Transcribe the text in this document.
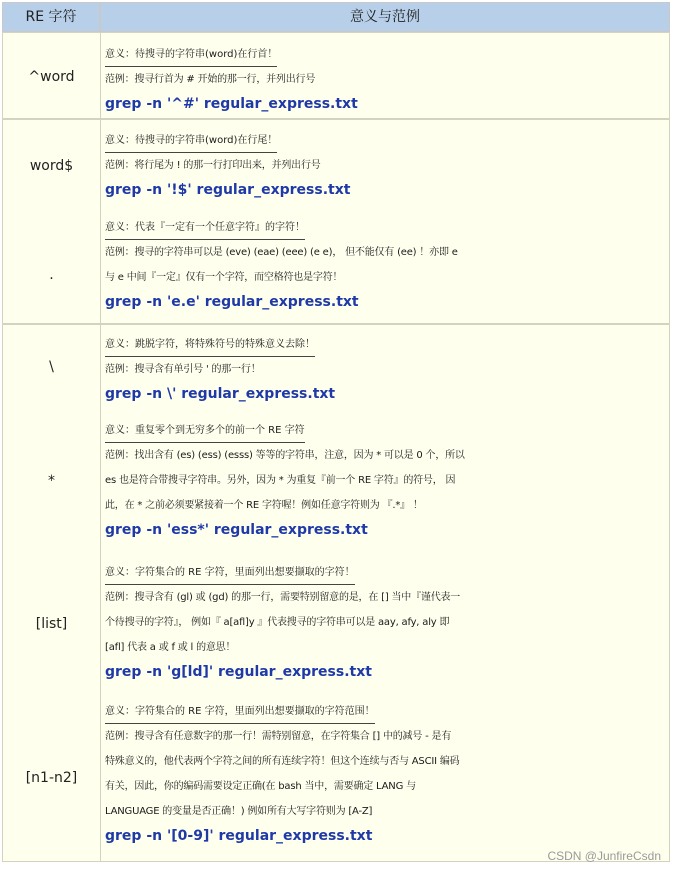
RE 字符	意义与范例
^word
意义：待搜寻的字符串(word)在行首！
范例：搜寻行首为 # 开始的那一行，并列出行号
grep -n '^#' regular_express.txt
word$
.
意义：待搜寻的字符串(word)在行尾！
范例：将行尾为 ! 的那一行打印出来，并列出行号
grep -n '!$' regular_express.txt
意义：代表『一定有一个任意字符』的字符！
范例：搜寻的字符串可以是 (eve) (eae) (eee) (e e)， 但不能仅有 (ee) ！亦即 e
与 e 中间『一定』仅有一个字符，而空格符也是字符！
grep -n 'e.e' regular_express.txt
\
*
[list]
[n1-n2]
意义：跳脱字符，将特殊符号的特殊意义去除！
范例：搜寻含有单引号 ' 的那一行！
grep -n \' regular_express.txt
意义：重复零个到无穷多个的前一个 RE 字符
范例：找出含有 (es) (ess) (esss) 等等的字符串，注意，因为 * 可以是 0 个，所以
es 也是符合带搜寻字符串。另外，因为 * 为重复『前一个 RE 字符』的符号， 因
此，在 * 之前必须要紧接着一个 RE 字符喔！例如任意字符则为 『.*』 ！
grep -n 'ess*' regular_express.txt
意义：字符集合的 RE 字符，里面列出想要撷取的字符！
范例：搜寻含有 (gl) 或 (gd) 的那一行，需要特别留意的是，在 [] 当中『谨代表一
个待搜寻的字符』， 例如『 a[afl]y 』代表搜寻的字符串可以是 aay, afy, aly 即
[afl] 代表 a 或 f 或 l 的意思！
grep -n 'g[ld]' regular_express.txt
意义：字符集合的 RE 字符，里面列出想要撷取的字符范围！
范例：搜寻含有任意数字的那一行！需特别留意，在字符集合 [] 中的减号 - 是有
特殊意义的，他代表两个字符之间的所有连续字符！但这个连续与否与 ASCII 编码
有关，因此，你的编码需要设定正确(在 bash 当中，需要确定 LANG 与
LANGUAGE 的变量是否正确！) 例如所有大写字符则为 [A-Z]
grep -n '[0-9]' regular_express.txt
CSDN @JunfireCsdn
